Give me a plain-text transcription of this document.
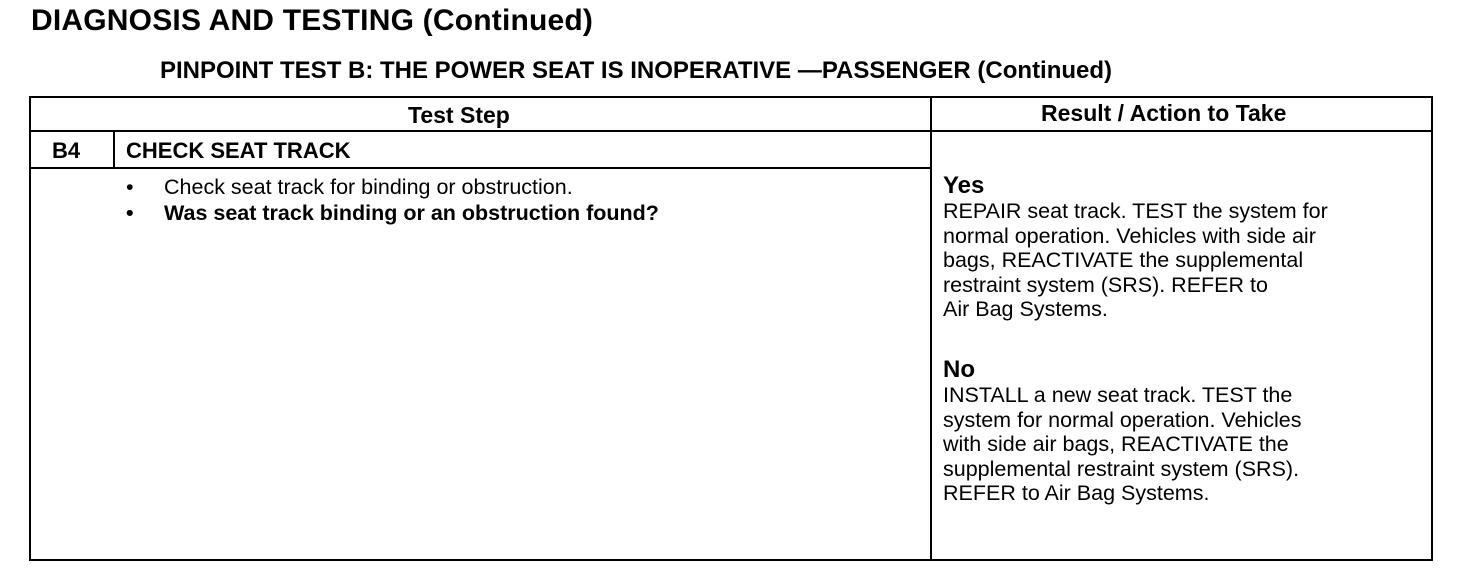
DIAGNOSIS AND TESTING (Continued)
PINPOINT TEST B: THE POWER SEAT IS INOPERATIVE —PASSENGER (Continued)
Test Step	Result / Action to Take
B4 CHECK SEAT TRACK
• Check seat track for binding or obstruction.
• Was seat track binding or an obstruction found?
Yes
REPAIR seat track. TEST the system for
normal operation. Vehicles with side air
bags, REACTIVATE the supplemental
restraint system (SRS). REFER to
Air Bag Systems.
No
INSTALL a new seat track. TEST the
system for normal operation. Vehicles
with side air bags, REACTIVATE the
supplemental restraint system (SRS).
REFER to Air Bag Systems.
